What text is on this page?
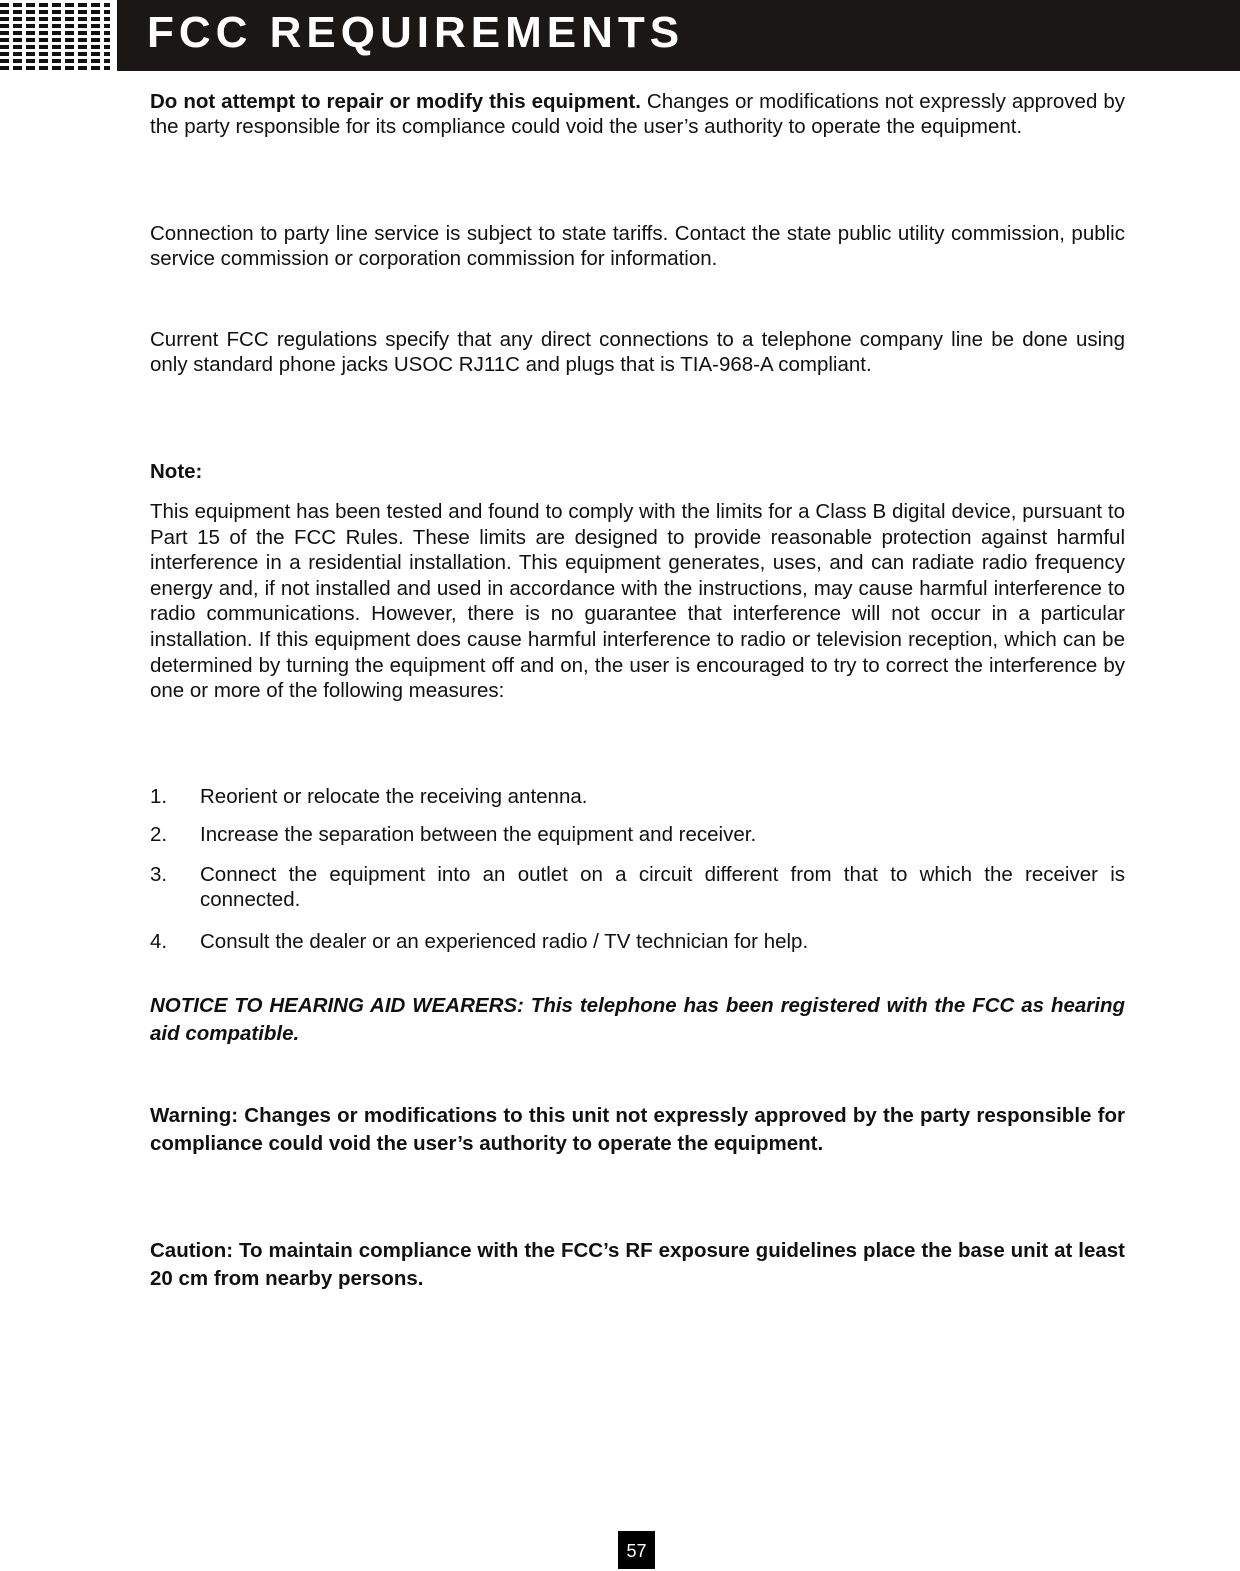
FCC REQUIREMENTS

Do not attempt to repair or modify this equipment. Changes or modifications not expressly approved by the party responsible for its compliance could void the user’s authority to operate the equipment.

Connection to party line service is subject to state tariffs. Contact the state public utility commission, public service commission or corporation commission for information.

Current FCC regulations specify that any direct connections to a telephone company line be done using only standard phone jacks USOC RJ11C and plugs that is TIA-968-A compliant.

Note:

This equipment has been tested and found to comply with the limits for a Class B digital device, pursuant to Part 15 of the FCC Rules. These limits are designed to provide reasonable protection against harmful interference in a residential installation. This equipment generates, uses, and can radiate radio frequency energy and, if not installed and used in accordance with the instructions, may cause harmful interference to radio communications. However, there is no guarantee that interference will not occur in a particular installation. If this equipment does cause harmful interference to radio or television reception, which can be determined by turning the equipment off and on, the user is encouraged to try to correct the interference by one or more of the following measures:

1. Reorient or relocate the receiving antenna.
2. Increase the separation between the equipment and receiver.
3. Connect the equipment into an outlet on a circuit different from that to which the receiver is connected.
4. Consult the dealer or an experienced radio / TV technician for help.

NOTICE TO HEARING AID WEARERS: This telephone has been registered with the FCC as hearing aid compatible.

Warning: Changes or modifications to this unit not expressly approved by the party responsible for compliance could void the user’s authority to operate the equipment.

Caution: To maintain compliance with the FCC’s RF exposure guidelines place the base unit at least 20 cm from nearby persons.

57
